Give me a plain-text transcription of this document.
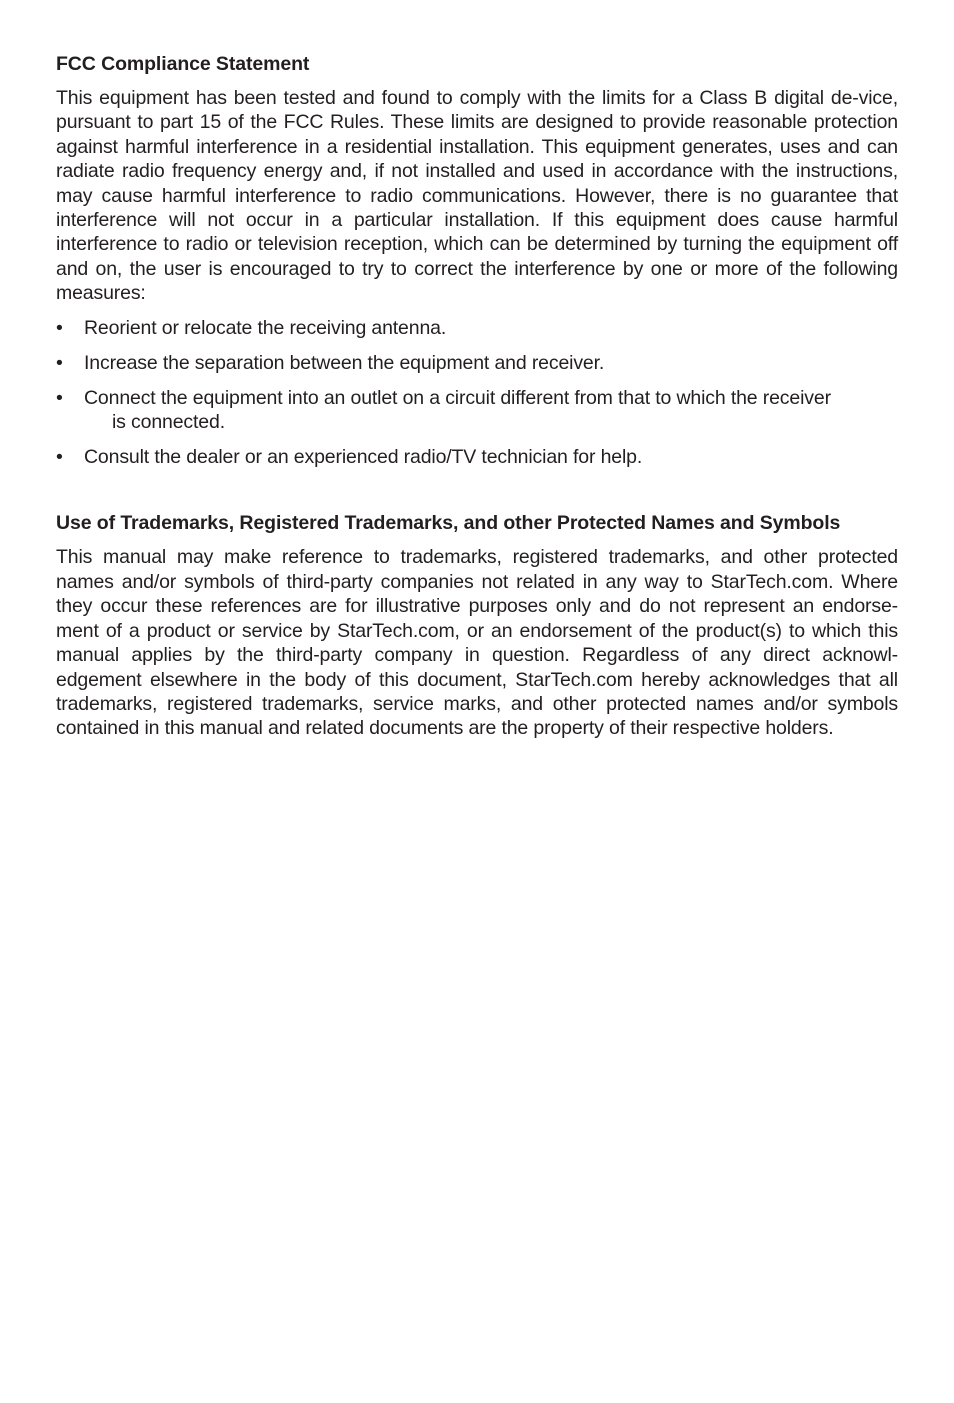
FCC Compliance Statement

This equipment has been tested and found to comply with the limits for a Class B digital de-vice, pursuant to part 15 of the FCC Rules. These limits are designed to provide reasonable protection against harmful interference in a residential installation. This equipment generates, uses and can radiate radio frequency energy and, if not installed and used in accordance with the instructions, may cause harmful interference to radio communications. However, there is no guarantee that interference will not occur in a particular installation. If this equipment does cause harmful interference to radio or television reception, which can be determined by turning the equipment off and on, the user is encouraged to try to correct the interference by one or more of the following measures:

• Reorient or relocate the receiving antenna.
• Increase the separation between the equipment and receiver.
• Connect the equipment into an outlet on a circuit different from that to which the receiver
is connected.
• Consult the dealer or an experienced radio/TV technician for help.
Use of Trademarks, Registered Trademarks, and other Protected Names and Symbols

This manual may make reference to trademarks, registered trademarks, and other protected names and/or symbols of third-party companies not related in any way to StarTech.com. Where they occur these references are for illustrative purposes only and do not represent an endorse-ment of a product or service by StarTech.com, or an endorsement of the product(s) to which this manual applies by the third-party company in question. Regardless of any direct acknowl-edgement elsewhere in the body of this document, StarTech.com hereby acknowledges that all trademarks, registered trademarks, service marks, and other protected names and/or symbols contained in this manual and related documents are the property of their respective holders.
